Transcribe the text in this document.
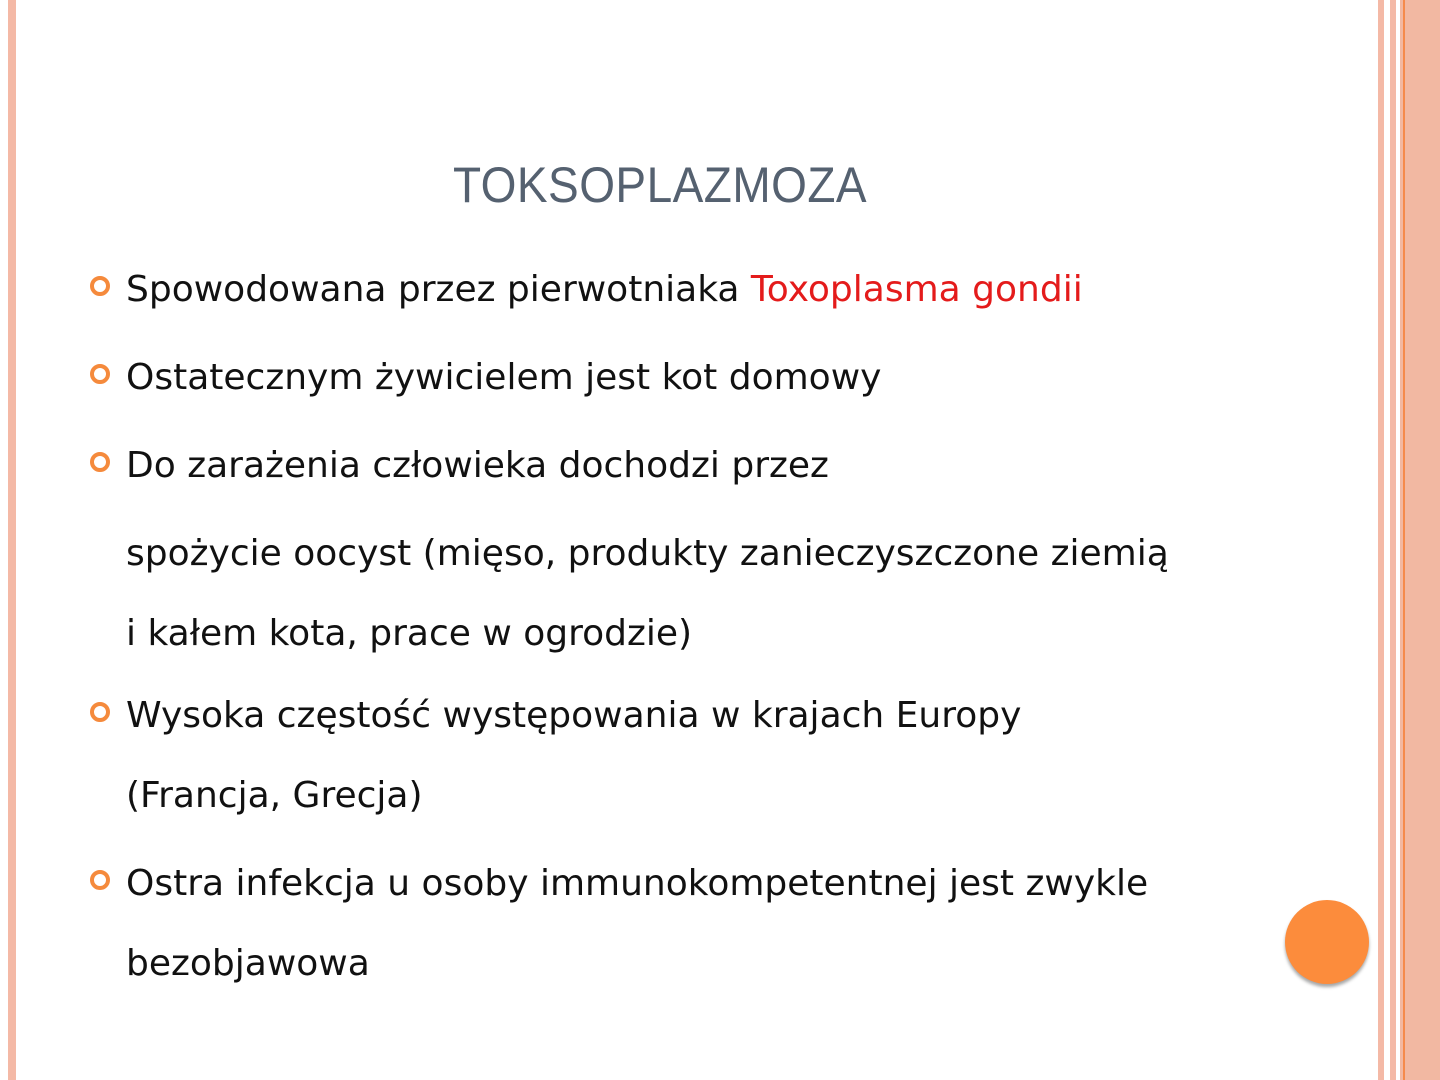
TOKSOPLAZMOZA
Spowodowana przez pierwotniaka Toxoplasma gondii
Ostatecznym żywicielem jest kot domowy
Do zarażenia człowieka dochodzi przez
spożycie oocyst (mięso, produkty zanieczyszczone ziemią
i kałem kota, prace w ogrodzie)
Wysoka częstość występowania w krajach Europy
(Francja, Grecja)
Ostra infekcja u osoby immunokompetentnej jest zwykle
bezobjawowa
